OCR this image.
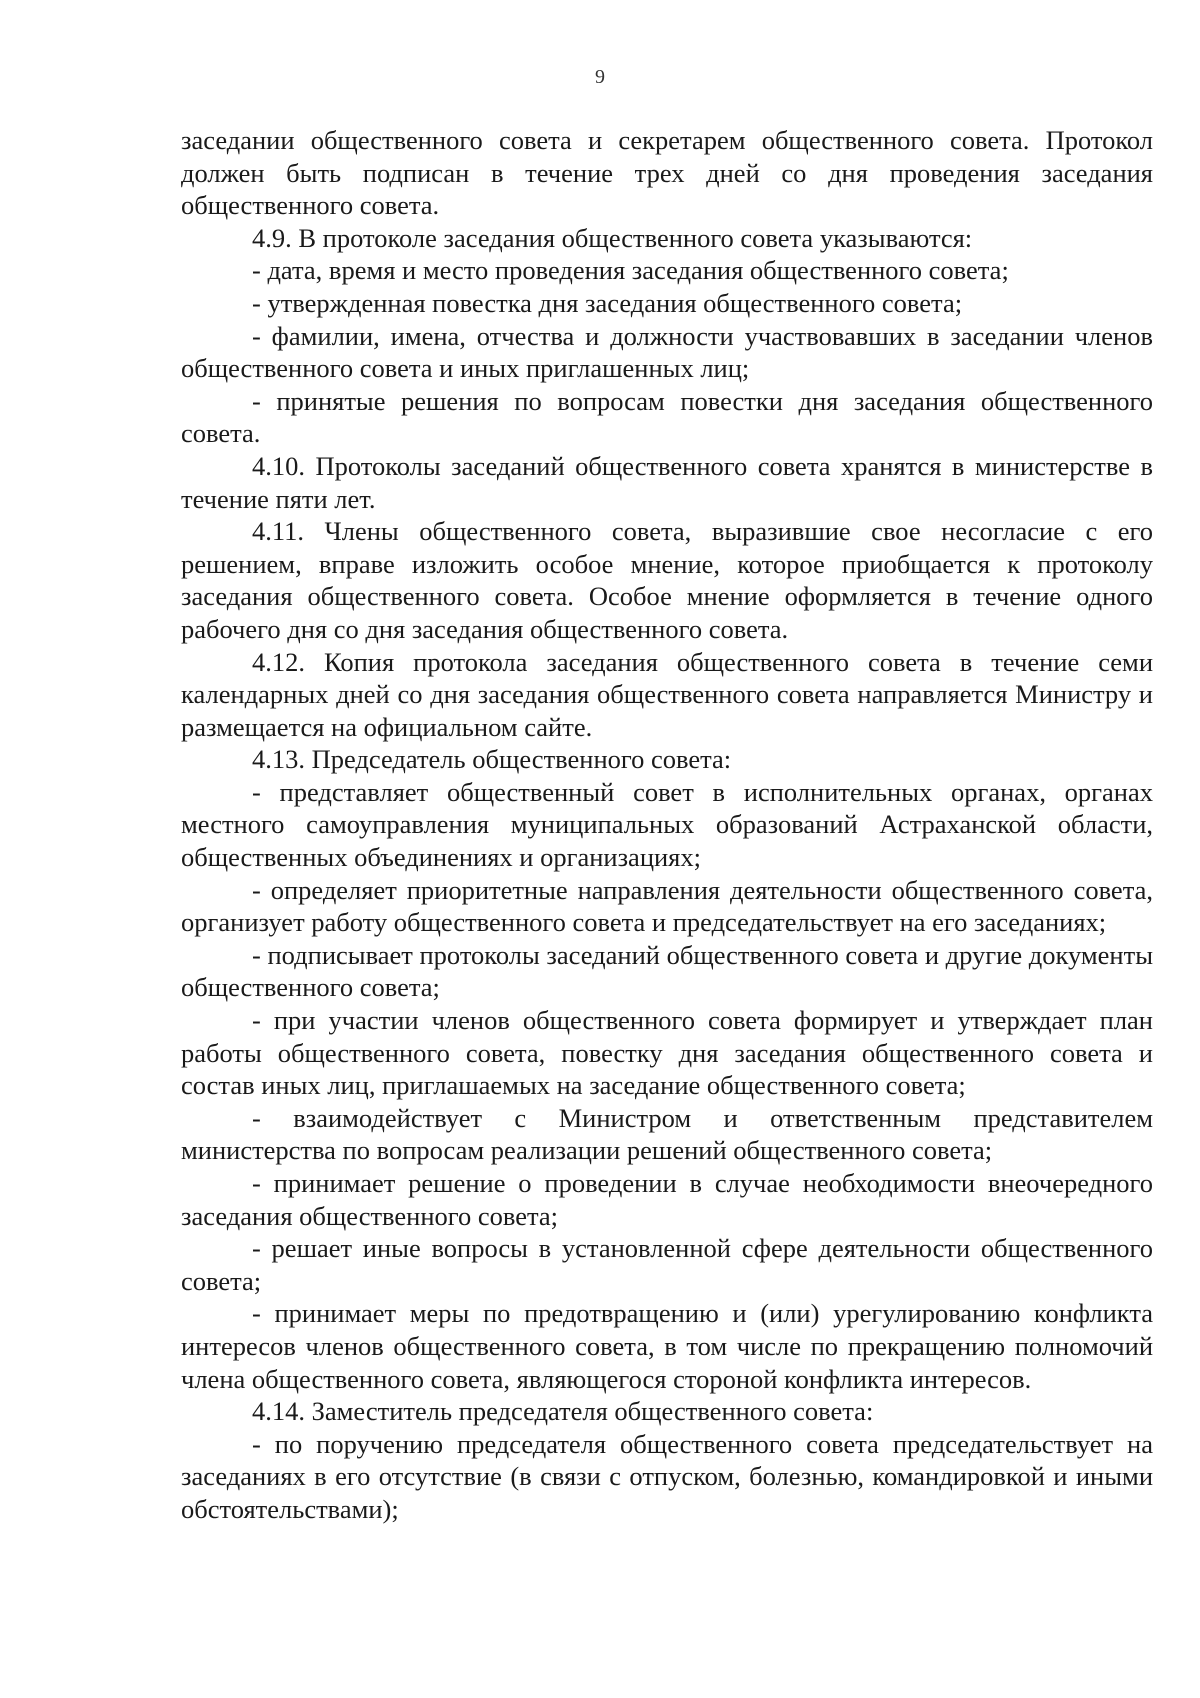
9

заседании общественного совета и секретарем общественного совета. Протокол должен быть подписан в течение трех дней со дня проведения заседания общественного совета.

4.9. В протоколе заседания общественного совета указываются:

- дата, время и место проведения заседания общественного совета;

- утвержденная повестка дня заседания общественного совета;

- фамилии, имена, отчества и должности участвовавших в заседании членов общественного совета и иных приглашенных лиц;

- принятые решения по вопросам повестки дня заседания общественного совета.

4.10. Протоколы заседаний общественного совета хранятся в министерстве в течение пяти лет.

4.11. Члены общественного совета, выразившие свое несогласие с его решением, вправе изложить особое мнение, которое приобщается к протоколу заседания общественного совета. Особое мнение оформляется в течение одного рабочего дня со дня заседания общественного совета.

4.12. Копия протокола заседания общественного совета в течение семи календарных дней со дня заседания общественного совета направляется Министру и размещается на официальном сайте.

4.13. Председатель общественного совета:

- представляет общественный совет в исполнительных органах, органах местного самоуправления муниципальных образований Астраханской области, общественных объединениях и организациях;

- определяет приоритетные направления деятельности общественного совета, организует работу общественного совета и председательствует на его заседаниях;

- подписывает протоколы заседаний общественного совета и другие документы общественного совета;

- при участии членов общественного совета формирует и утверждает план работы общественного совета, повестку дня заседания общественного совета и состав иных лиц, приглашаемых на заседание общественного совета;

- взаимодействует с Министром и ответственным представителем министерства по вопросам реализации решений общественного совета;

- принимает решение о проведении в случае необходимости внеочередного заседания общественного совета;

- решает иные вопросы в установленной сфере деятельности общественного совета;

- принимает меры по предотвращению и (или) урегулированию конфликта интересов членов общественного совета, в том числе по прекращению полномочий члена общественного совета, являющегося стороной конфликта интересов.

4.14. Заместитель председателя общественного совета:

- по поручению председателя общественного совета председательствует на заседаниях в его отсутствие (в связи с отпуском, болезнью, командировкой и иными обстоятельствами);
